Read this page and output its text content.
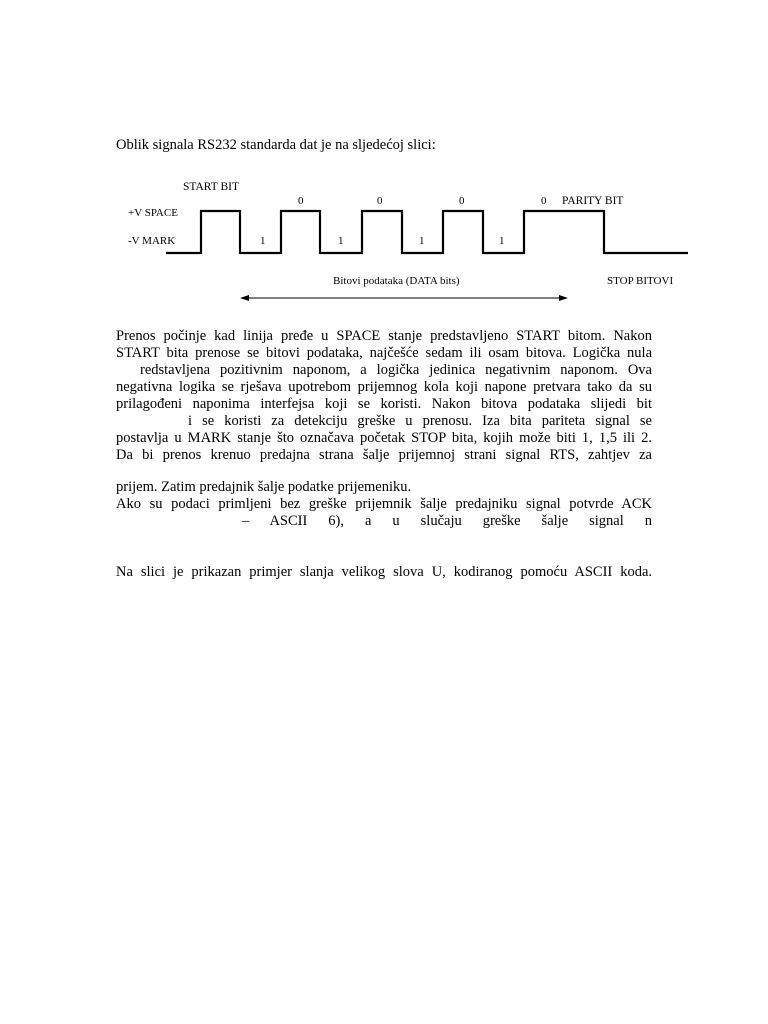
Oblik signala RS232 standarda dat je na sljedećoj slici:
START BIT
+V SPACE
-V MARK
0	0	0	0
1	1	1	1
PARITY BIT
Bitovi podataka (DATA bits)	STOP BITOVI
Prenos počinje kad linija pređe u SPACE stanje predstavljeno START bitom. Nakon
START bita prenose se bitovi podataka, najčešće sedam ili osam bitova. Logička nula
redstavljena pozitivnim naponom, a logička jedinica negativnim naponom. Ova
negativna logika se rješava upotrebom prijemnog kola koji napone pretvara tako da su
prilagođeni naponima interfejsa koji se koristi. Nakon bitova podataka slijedi bit
i se koristi za detekciju greške u prenosu. Iza bita pariteta signal se
postavlja u MARK stanje što označava početak STOP bita, kojih može biti 1, 1,5 ili 2.
Da bi prenos krenuo predajna strana šalje prijemnoj strani signal RTS, zahtjev za
prijem. Zatim predajnik šalje podatke prijemeniku.
Ako su podaci primljeni bez greške prijemnik šalje predajniku signal potvrde ACK
– ASCII 6), a u slučaju greške šalje signal n
Na slici je prikazan primjer slanja velikog slova U, kodiranog pomoću ASCII koda.
